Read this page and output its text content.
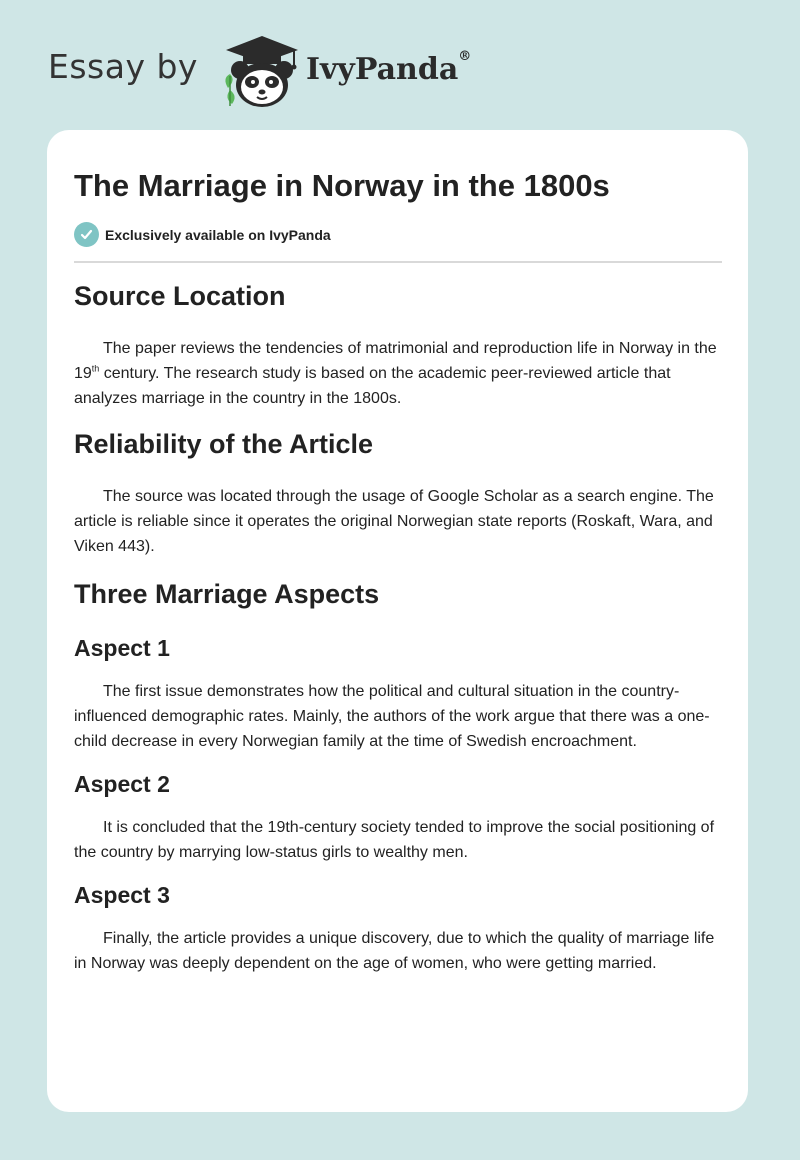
Essay by	IvyPanda®
The Marriage in Norway in the 1800s
Exclusively available on IvyPanda
Source Location

The paper reviews the tendencies of matrimonial and reproduction life in Norway in the 19th century. The research study is based on the academic peer-reviewed article that analyzes marriage in the country in the 1800s.

Reliability of the Article

The source was located through the usage of Google Scholar as a search engine. The article is reliable since it operates the original Norwegian state reports (Roskaft, Wara, and Viken 443).

Three Marriage Aspects
Aspect 1

The first issue demonstrates how the political and cultural situation in the country-influenced demographic rates. Mainly, the authors of the work argue that there was a one-child decrease in every Norwegian family at the time of Swedish encroachment.

Aspect 2

It is concluded that the 19th-century society tended to improve the social positioning of the country by marrying low-status girls to wealthy men.

Aspect 3

Finally, the article provides a unique discovery, due to which the quality of marriage life in Norway was deeply dependent on the age of women, who were getting married.
